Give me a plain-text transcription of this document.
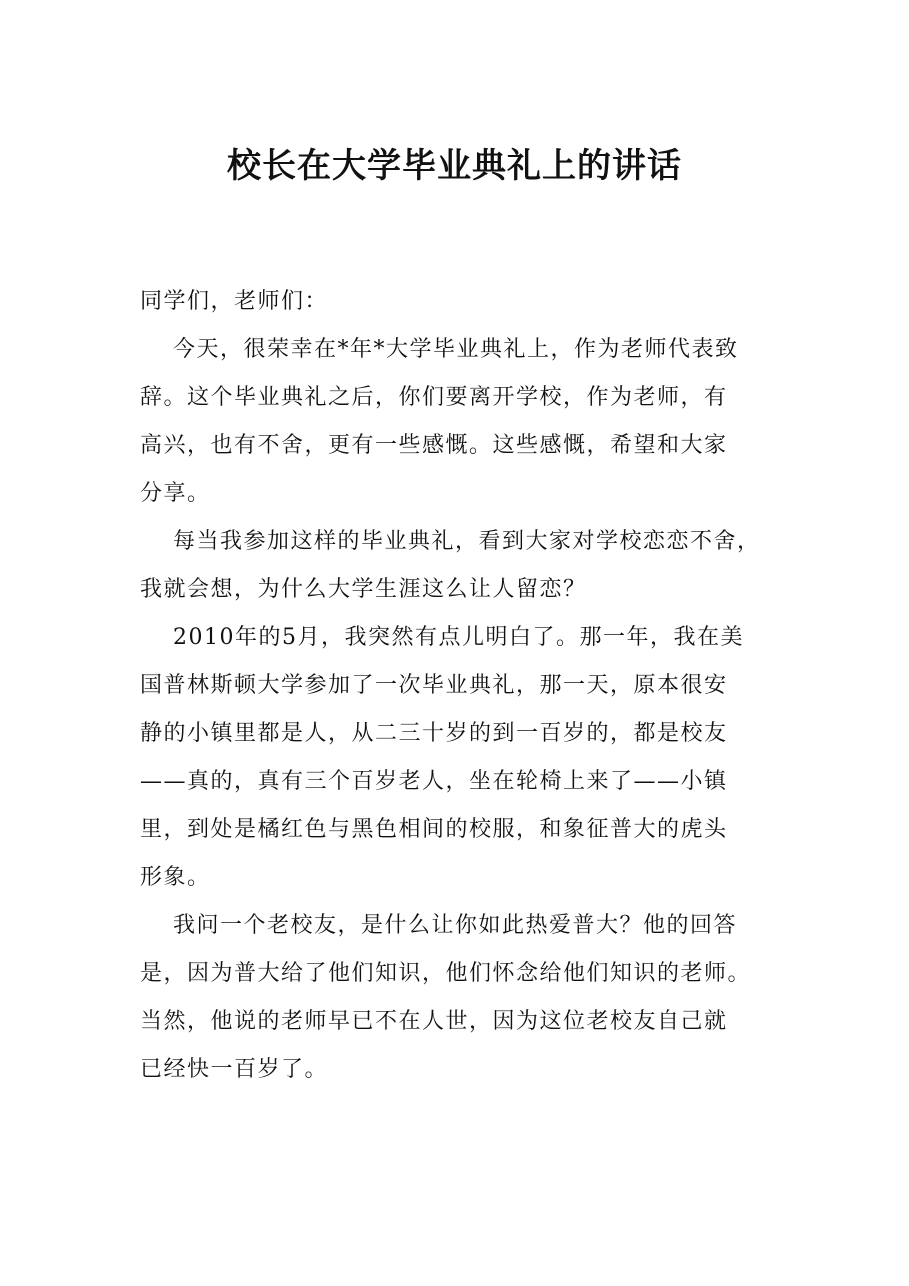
校长在大学毕业典礼上的讲话

同学们，老师们：

今天，很荣幸在*年*大学毕业典礼上，作为老师代表致
辞。这个毕业典礼之后，你们要离开学校，作为老师，有
高兴，也有不舍，更有一些感慨。这些感慨，希望和大家
分享。

每当我参加这样的毕业典礼，看到大家对学校恋恋不舍，
我就会想，为什么大学生涯这么让人留恋？

2010年的5月，我突然有点儿明白了。那一年，我在美
国普林斯顿大学参加了一次毕业典礼，那一天，原本很安
静的小镇里都是人，从二三十岁的到一百岁的，都是校友
——真的，真有三个百岁老人，坐在轮椅上来了——小镇
里，到处是橘红色与黑色相间的校服，和象征普大的虎头
形象。

我问一个老校友，是什么让你如此热爱普大？他的回答
是，因为普大给了他们知识，他们怀念给他们知识的老师。
当然，他说的老师早已不在人世，因为这位老校友自己就
已经快一百岁了。
